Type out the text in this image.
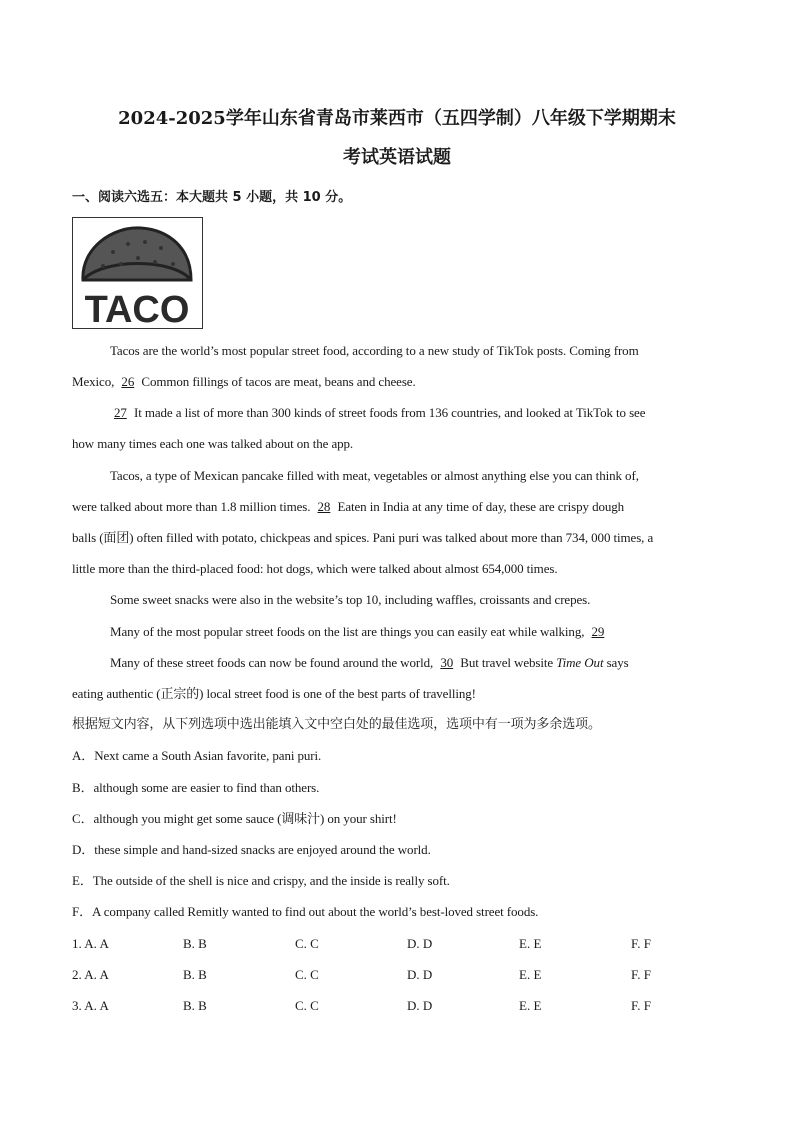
2024-2025学年山东省青岛市莱西市（五四学制）八年级下学期期末
考试英语试题
一、阅读六选五：本大题共 5 小题，共 10 分。
TACO
Tacos are the world’s most popular street food, according to a new study of TikTok posts. Coming from
Mexico, 26 Common fillings of tacos are meat, beans and cheese.
27 It made a list of more than 300 kinds of street foods from 136 countries, and looked at TikTok to see
how many times each one was talked about on the app.
Tacos, a type of Mexican pancake filled with meat, vegetables or almost anything else you can think of,
were talked about more than 1.8 million times. 28 Eaten in India at any time of day, these are crispy dough
balls (面团) often filled with potato, chickpeas and spices. Pani puri was talked about more than 734, 000 times, a
little more than the third-placed food: hot dogs, which were talked about almost 654,000 times.
Some sweet snacks were also in the website’s top 10, including waffles, croissants and crepes.
Many of the most popular street foods on the list are things you can easily eat while walking, 29
Many of these street foods can now be found around the world, 30 But travel website Time Out says
eating authentic (正宗的) local street food is one of the best parts of travelling!
根据短文内容，从下列选项中选出能填入文中空白处的最佳选项，选项中有一项为多余选项。
A．Next came a South Asian favorite, pani puri.
B．although some are easier to find than others.
C．although you might get some sauce (调味汁) on your shirt!
D．these simple and hand-sized snacks are enjoyed around the world.
E．The outside of the shell is nice and crispy, and the inside is really soft.
F．A company called Remitly wanted to find out about the world’s best-loved street foods.
1. A. A	B. B	C. C	D. D	E. E	F. F
2. A. A	B. B	C. C	D. D	E. E	F. F
3. A. A	B. B	C. C	D. D	E. E	F. F
